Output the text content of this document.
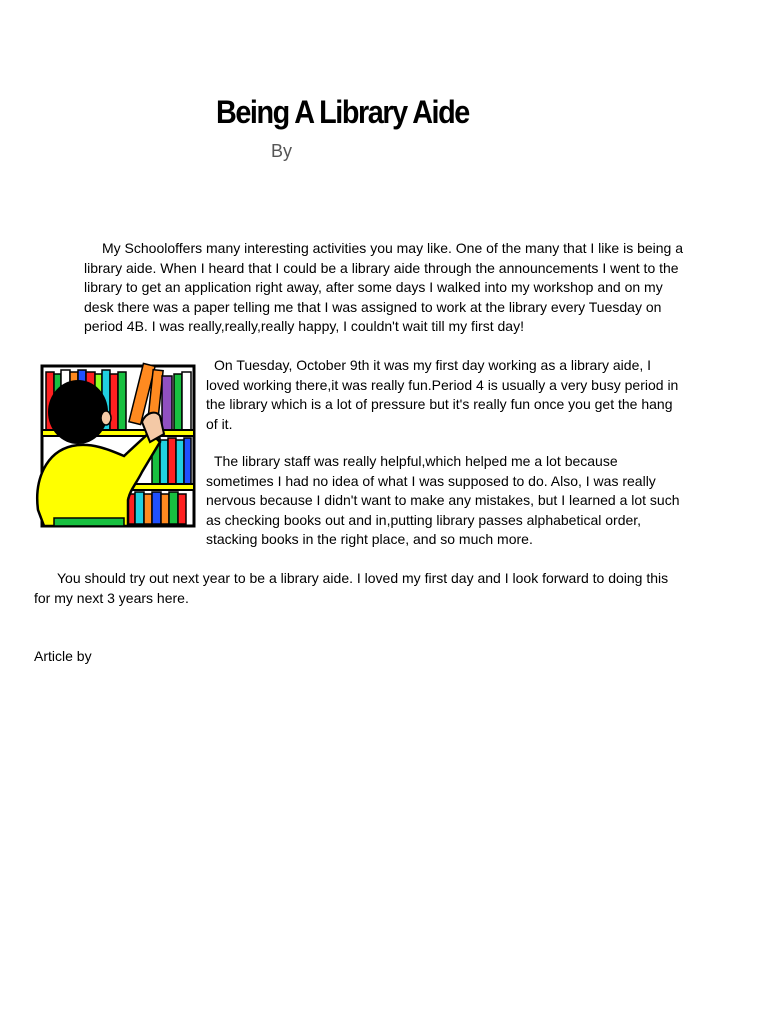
Being A Library Aide
By

My Schooloffers many interesting activities you may like. One of the many that I like is being a library aide. When I heard that I could be a library aide through the announcements I went to the library to get an application right away, after some days I walked into my workshop and on my desk there was a paper telling me that I was assigned to work at the library every Tuesday on period 4B. I was really,really,really happy, I couldn't wait till my first day!

On Tuesday, October 9th it was my first day working as a library aide, I loved working there,it was really fun.Period 4 is usually a very busy period in the library which is a lot of pressure but it's really fun once you get the hang of it.

The library staff was really helpful,which helped me a lot because sometimes I had no idea of what I was supposed to do. Also, I was really nervous because I didn't want to make any mistakes, but I learned a lot such as checking books out and in,putting library passes alphabetical order, stacking books in the right place, and so much more.

You should try out next year to be a library aide. I loved my first day and I look forward to doing this for my next 3 years here.

Article by
